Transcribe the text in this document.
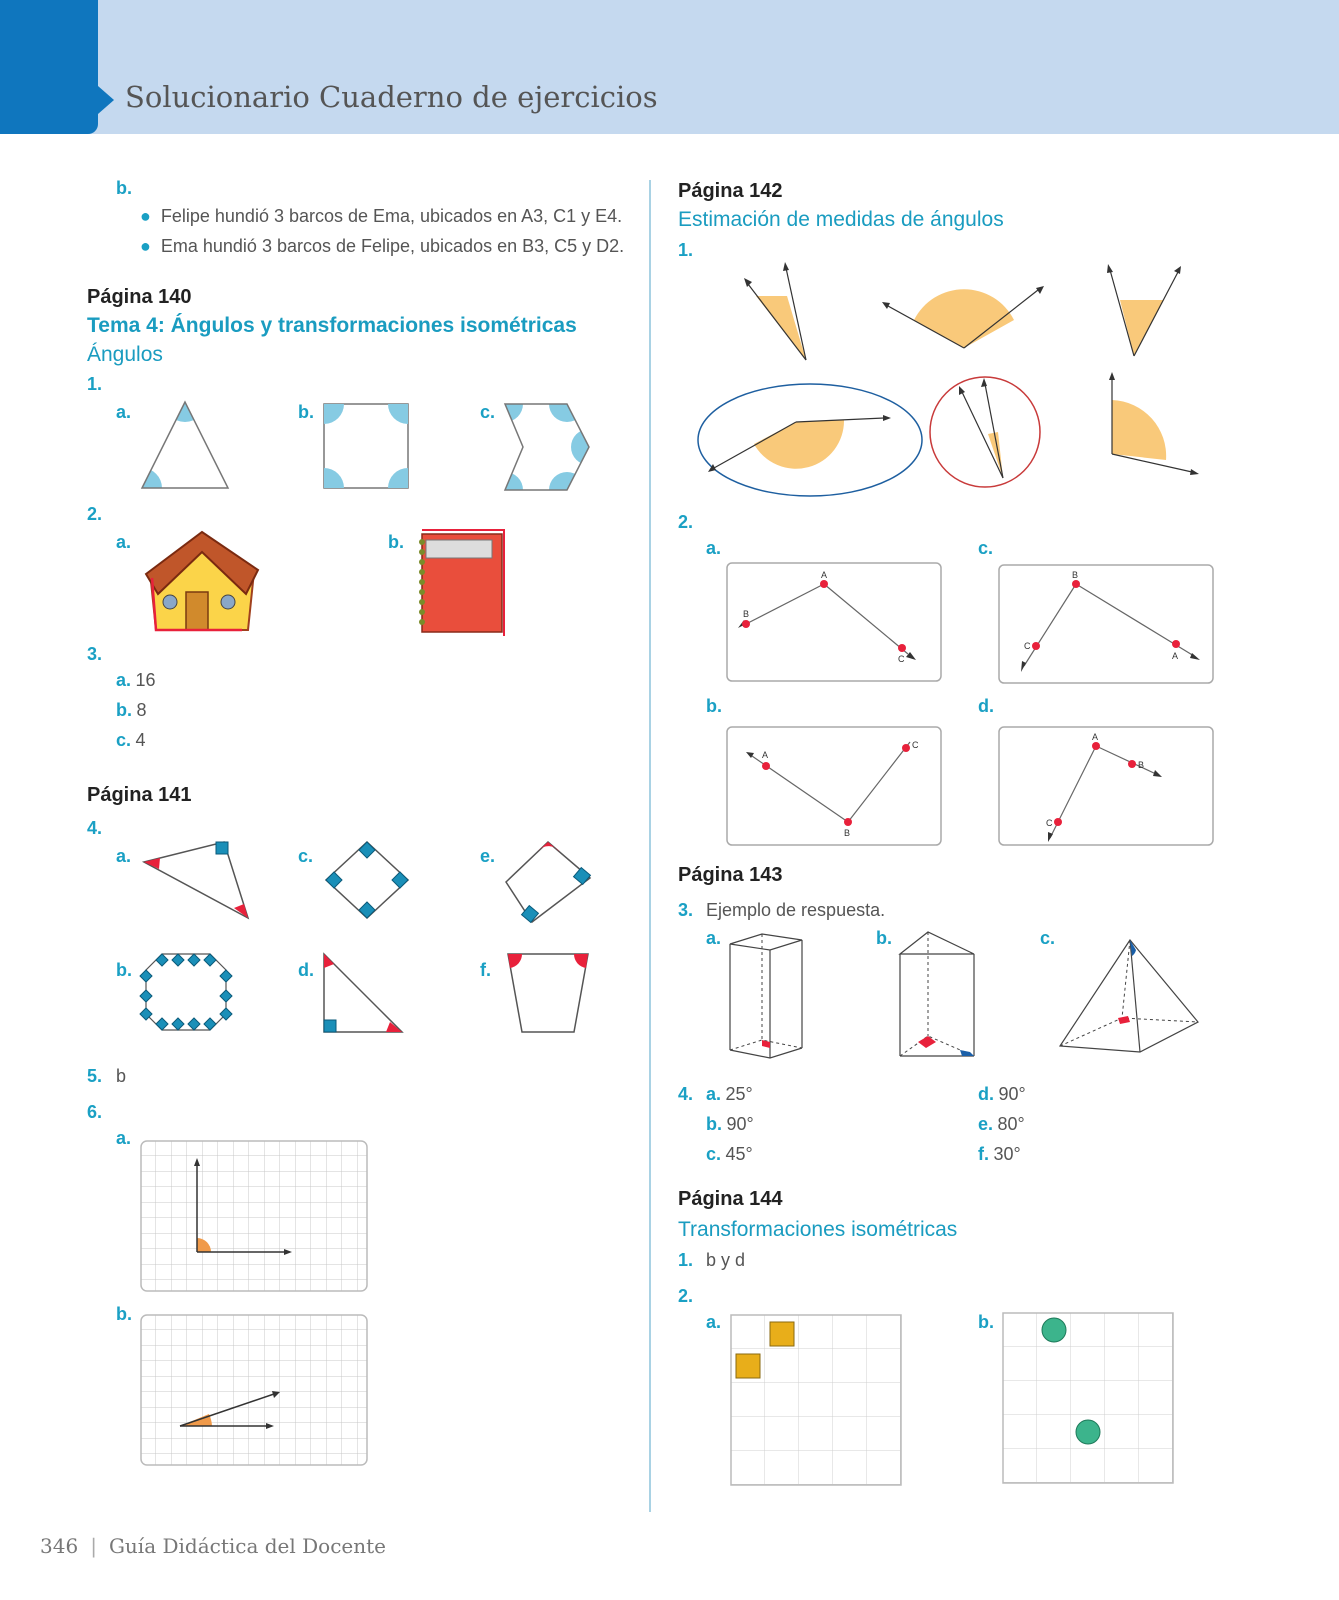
Solucionario Cuaderno de ejercicios
b.
● Felipe hundió 3 barcos de Ema, ubicados en A3, C1 y E4.
● Ema hundió 3 barcos de Felipe, ubicados en B3, C5 y D2.
Página 140
Tema 4: Ángulos y transformaciones isométricas
Ángulos
1.
a.	b.	c.
2.
a.	b.
3.
a. 16
b. 8
c. 4
Página 141
4.
a.	c.	e.
b.	d.	f.
5. b
6.
a.
b.
Página 142
Estimación de medidas de ángulos
1.
2.
a.	c.
b.	d.
A
B
C
B
C
A
B
A
C
A
C
B
Página 143
3. Ejemplo de respuesta.
a.	b.	c.
4. a. 25°
b. 90°
c. 45°
d. 90°
e. 80°
f. 30°
Página 144
Transformaciones isométricas
1. b y d
2.
a.	b.
346 | Guía Didáctica del Docente
